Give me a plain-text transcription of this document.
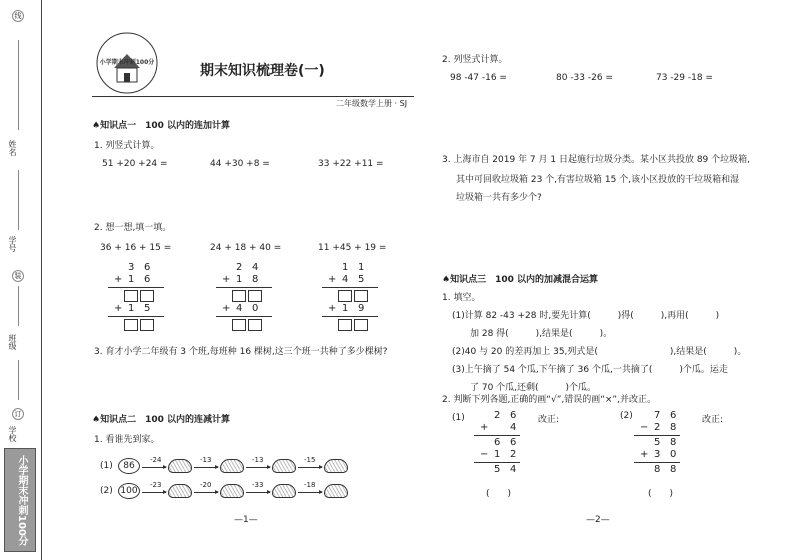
姓名
学号
装
班级
订
学校
线
小学期末冲刺100分
小学期末冲刺100分
期末知识梳理卷(一)
二年级数学上册 · SJ
♠知识点一　100 以内的连加计算
1. 列竖式计算。
51 +20 +24 =	44 +30 +8 =	33 +22 +11 =
2. 想一想,填一填。
36 + 16 + 15 =	24 + 18 + 40 =	11 +45 + 19 =
3 6
+ 1 6
+ 1 5
2 4
+ 1 8
+ 4 0
1 1
+ 4 5
+ 1 9
3. 育才小学二年级有 3 个班,每班种 16 棵树,这三个班一共种了多少棵树?
♠知识点二　100 以内的连减计算
1. 看谁先到家。
(1)	86
-24	-13	-13	-15
(2) 100
-23	-20	-33	-18
—1—
2. 列竖式计算。
98 -47 -16 =	80 -33 -26 =	73 -29 -18 =
3. 上海市自 2019 年 7 月 1 日起施行垃圾分类。某小区共投放 89 个垃圾箱,
其中可回收垃圾箱 23 个,有害垃圾箱 15 个,该小区投放的干垃圾箱和湿
垃圾箱一共有多少个?
♠知识点三　100 以内的加减混合运算
1. 填空。
(1)计算 82 -43 +28 时,要先计算(　　　)得(　　　),再用(　　　)
加 28 得(　　　),结果是(　　　)。
(2)40 与 20 的差再加上 35,列式是(　　　　　　　　),结果是(　　　)。
(3)上午摘了 54 个瓜,下午摘了 36 个瓜,一共摘了(　　　)个瓜。运走
了 70 个瓜,还剩(　　　)个瓜。
2. 判断下列各题,正确的画“√”,错误的画“×”,并改正。
(1)	2 6
+ 4
6 6
− 1 2
5 4
改正:
(　　)
(2) 7 6
− 2 8
5 8
+ 3 0
8 8
改正:
(　　)
—2—
